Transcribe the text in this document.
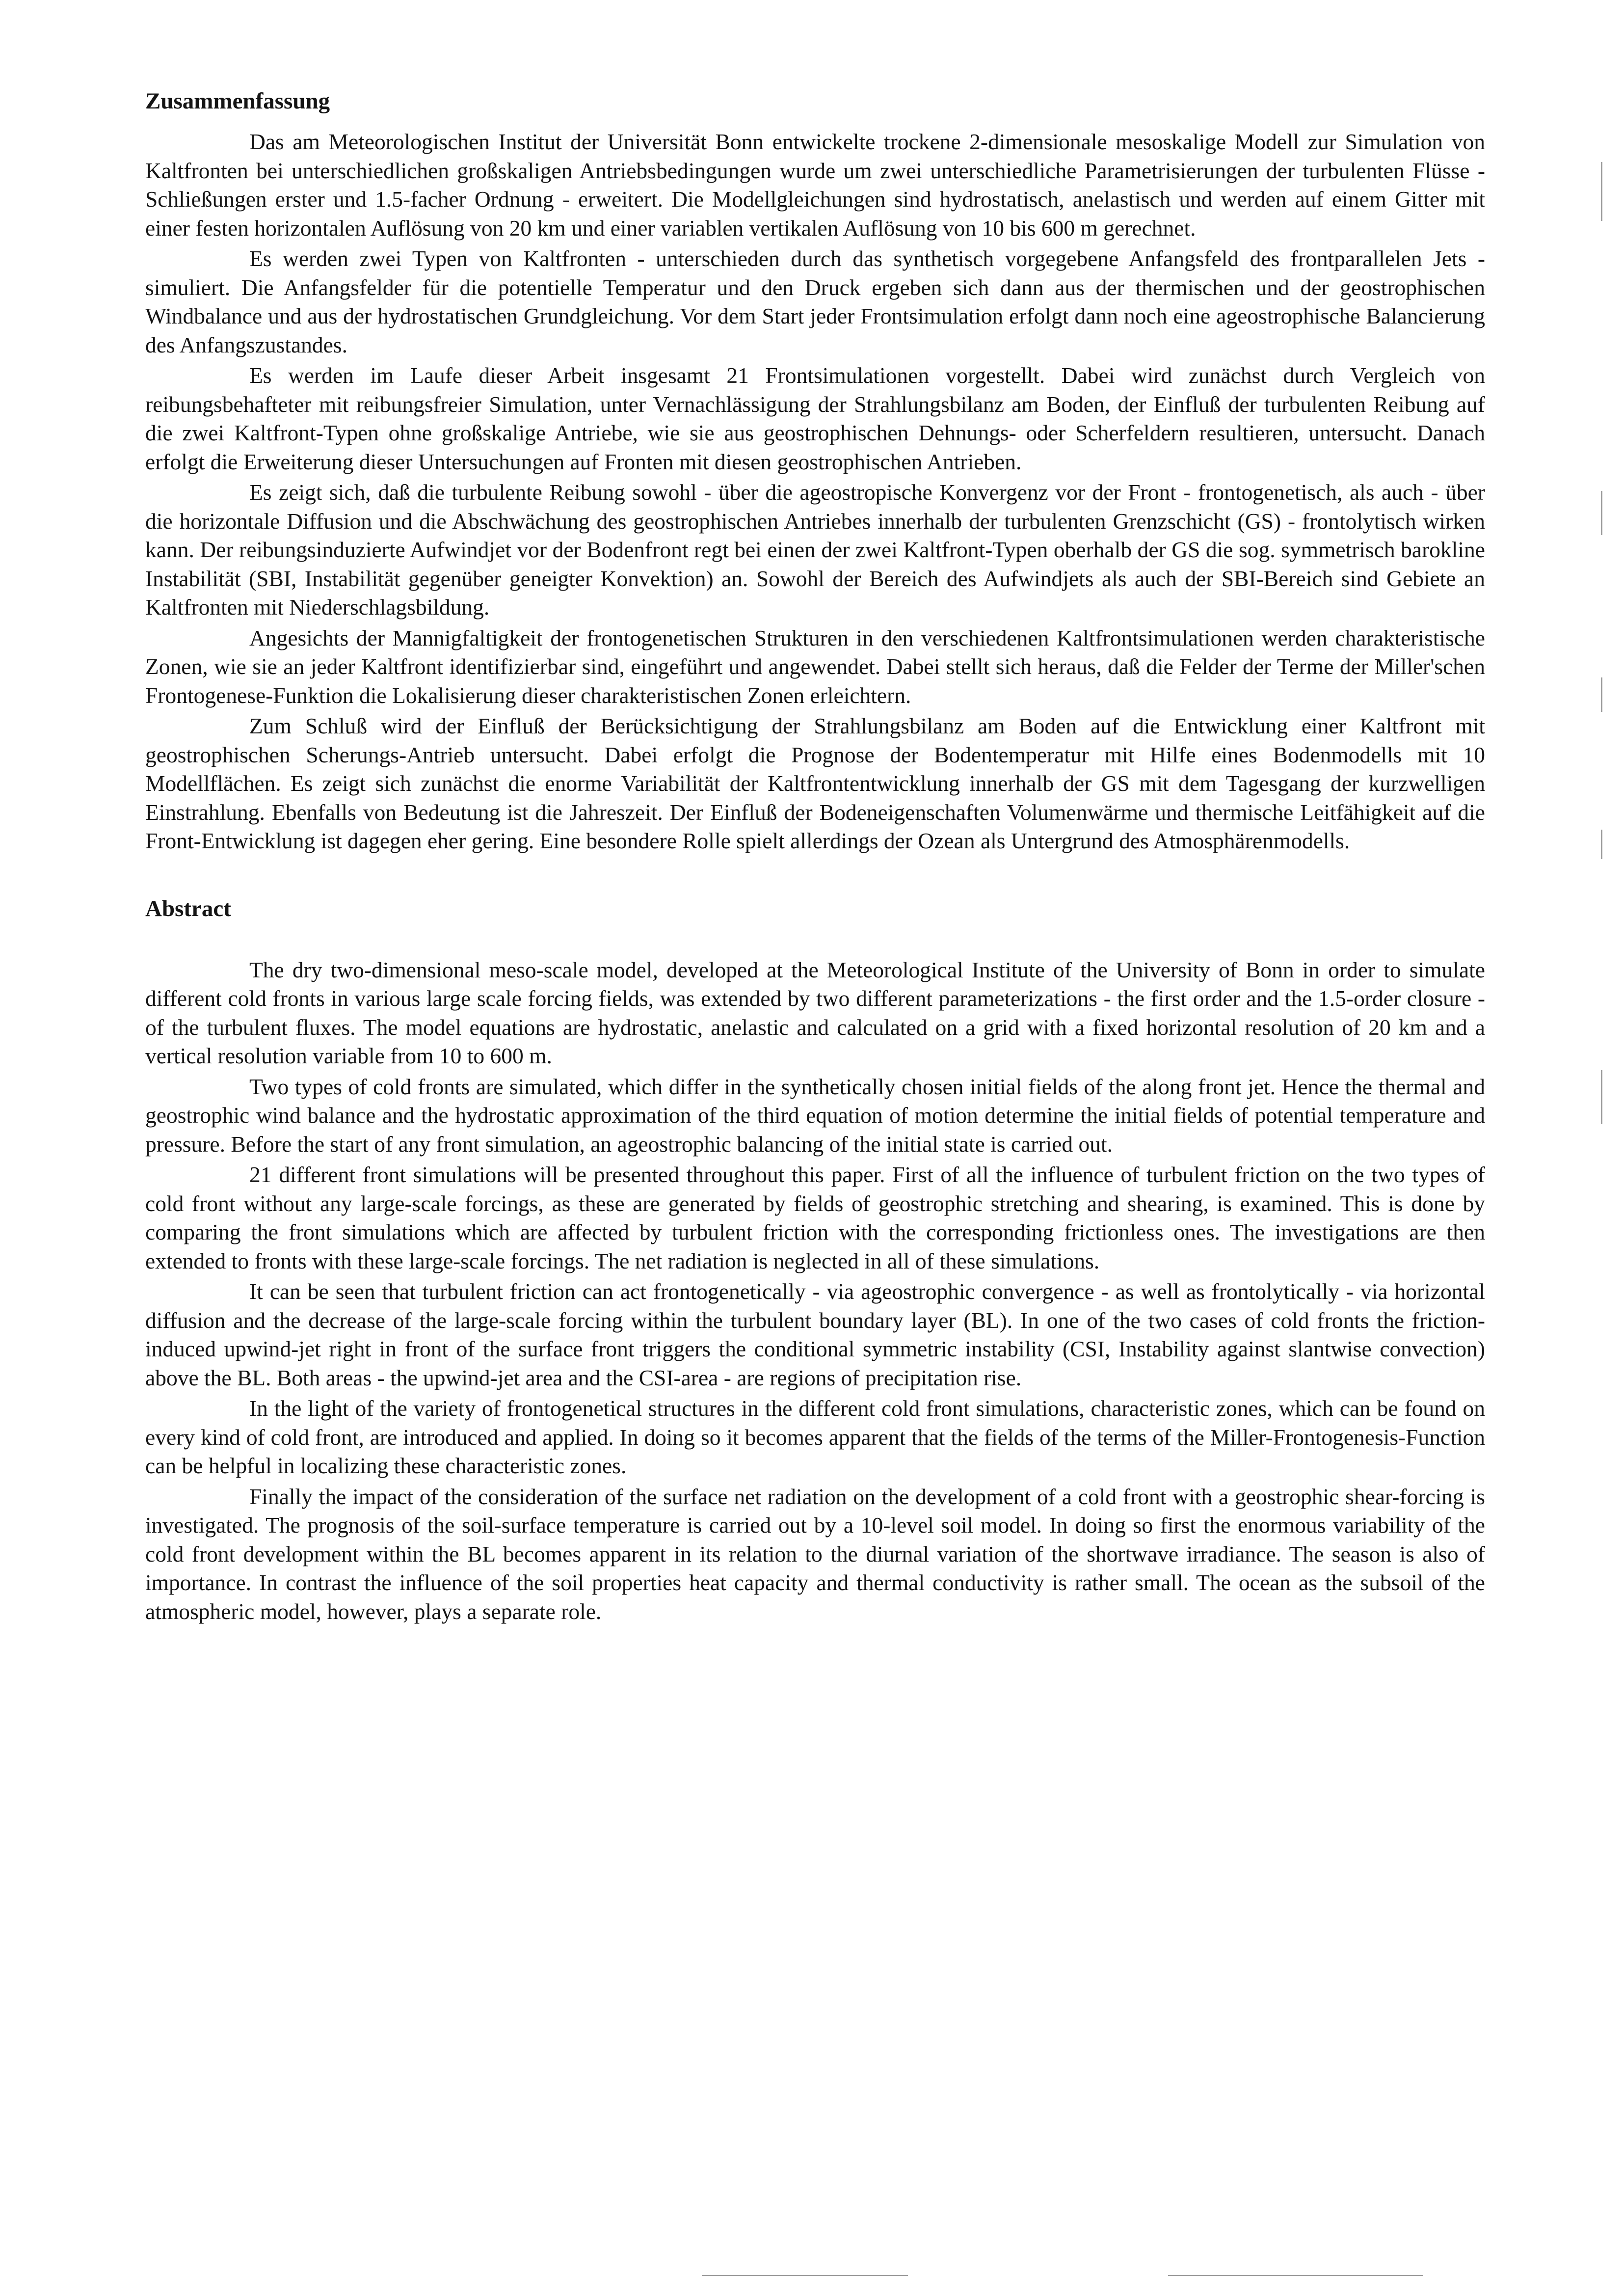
Zusammenfassung

Das am Meteorologischen Institut der Universität Bonn entwickelte trockene 2-dimensionale mesoskalige Modell zur Simulation von Kaltfronten bei unterschiedlichen großskaligen Antriebsbedingungen wurde um zwei unterschiedliche Parametrisierungen der turbulenten Flüsse - Schließungen erster und 1.5-facher Ordnung - erweitert. Die Modellgleichungen sind hydrostatisch, anelastisch und werden auf einem Gitter mit einer festen horizontalen Auflösung von 20 km und einer variablen vertikalen Auflösung von 10 bis 600 m gerechnet.

Es werden zwei Typen von Kaltfronten - unterschieden durch das synthetisch vorgegebene Anfangsfeld des frontparallelen Jets - simuliert. Die Anfangsfelder für die potentielle Temperatur und den Druck ergeben sich dann aus der thermischen und der geostrophischen Windbalance und aus der hydrostatischen Grundgleichung. Vor dem Start jeder Frontsimulation erfolgt dann noch eine ageostrophische Balancierung des Anfangszustandes.

Es werden im Laufe dieser Arbeit insgesamt 21 Frontsimulationen vorgestellt. Dabei wird zunächst durch Vergleich von reibungsbehafteter mit reibungsfreier Simulation, unter Vernachlässigung der Strahlungsbilanz am Boden, der Einfluß der turbulenten Reibung auf die zwei Kaltfront-Typen ohne großskalige Antriebe, wie sie aus geostrophischen Dehnungs- oder Scherfeldern resultieren, untersucht. Danach erfolgt die Erweiterung dieser Untersuchungen auf Fronten mit diesen geostrophischen Antrieben.

Es zeigt sich, daß die turbulente Reibung sowohl - über die ageostropische Konvergenz vor der Front - frontogenetisch, als auch - über die horizontale Diffusion und die Abschwächung des geostrophischen Antriebes innerhalb der turbulenten Grenzschicht (GS) - frontolytisch wirken kann. Der reibungsinduzierte Aufwindjet vor der Bodenfront regt bei einen der zwei Kaltfront-Typen oberhalb der GS die sog. symmetrisch barokline Instabilität (SBI, Instabilität gegenüber geneigter Konvektion) an. Sowohl der Bereich des Aufwindjets als auch der SBI-Bereich sind Gebiete an Kaltfronten mit Niederschlagsbildung.

Angesichts der Mannigfaltigkeit der frontogenetischen Strukturen in den verschiedenen Kaltfrontsimulationen werden charakteristische Zonen, wie sie an jeder Kaltfront identifizierbar sind, eingeführt und angewendet. Dabei stellt sich heraus, daß die Felder der Terme der Miller'schen Frontogenese-Funktion die Lokalisierung dieser charakteristischen Zonen erleichtern.

Zum Schluß wird der Einfluß der Berücksichtigung der Strahlungsbilanz am Boden auf die Entwicklung einer Kaltfront mit geostrophischen Scherungs-Antrieb untersucht. Dabei erfolgt die Prognose der Bodentemperatur mit Hilfe eines Bodenmodells mit 10 Modellflächen. Es zeigt sich zunächst die enorme Variabilität der Kaltfrontentwicklung innerhalb der GS mit dem Tagesgang der kurzwelligen Einstrahlung. Ebenfalls von Bedeutung ist die Jahreszeit. Der Einfluß der Bodeneigenschaften Volumenwärme und thermische Leitfähigkeit auf die Front-Entwicklung ist dagegen eher gering. Eine besondere Rolle spielt allerdings der Ozean als Untergrund des Atmosphärenmodells.

Abstract

The dry two-dimensional meso-scale model, developed at the Meteorological Institute of the University of Bonn in order to simulate different cold fronts in various large scale forcing fields, was extended by two different parameterizations - the first order and the 1.5-order closure - of the turbulent fluxes. The model equations are hydrostatic, anelastic and calculated on a grid with a fixed horizontal resolution of 20 km and a vertical resolution variable from 10 to 600 m.

Two types of cold fronts are simulated, which differ in the synthetically chosen initial fields of the along front jet. Hence the thermal and geostrophic wind balance and the hydrostatic approximation of the third equation of motion determine the initial fields of potential temperature and pressure. Before the start of any front simulation, an ageostrophic balancing of the initial state is carried out.

21 different front simulations will be presented throughout this paper. First of all the influence of turbulent friction on the two types of cold front without any large-scale forcings, as these are generated by fields of geostrophic stretching and shearing, is examined. This is done by comparing the front simulations which are affected by turbulent friction with the corresponding frictionless ones. The investigations are then extended to fronts with these large-scale forcings. The net radiation is neglected in all of these simulations.

It can be seen that turbulent friction can act frontogenetically - via ageostrophic convergence - as well as frontolytically - via horizontal diffusion and the decrease of the large-scale forcing within the turbulent boundary layer (BL). In one of the two cases of cold fronts the friction-induced upwind-jet right in front of the surface front triggers the conditional symmetric instability (CSI, Instability against slantwise convection) above the BL. Both areas - the upwind-jet area and the CSI-area - are regions of precipitation rise.

In the light of the variety of frontogenetical structures in the different cold front simulations, characteristic zones, which can be found on every kind of cold front, are introduced and applied. In doing so it becomes apparent that the fields of the terms of the Miller-Frontogenesis-Function can be helpful in localizing these characteristic zones.

Finally the impact of the consideration of the surface net radiation on the development of a cold front with a geostrophic shear-forcing is investigated. The prognosis of the soil-surface temperature is carried out by a 10-level soil model. In doing so first the enormous variability of the cold front development within the BL becomes apparent in its relation to the diurnal variation of the shortwave irradiance. The season is also of importance. In contrast the influence of the soil properties heat capacity and thermal conductivity is rather small. The ocean as the subsoil of the atmospheric model, however, plays a separate role.
